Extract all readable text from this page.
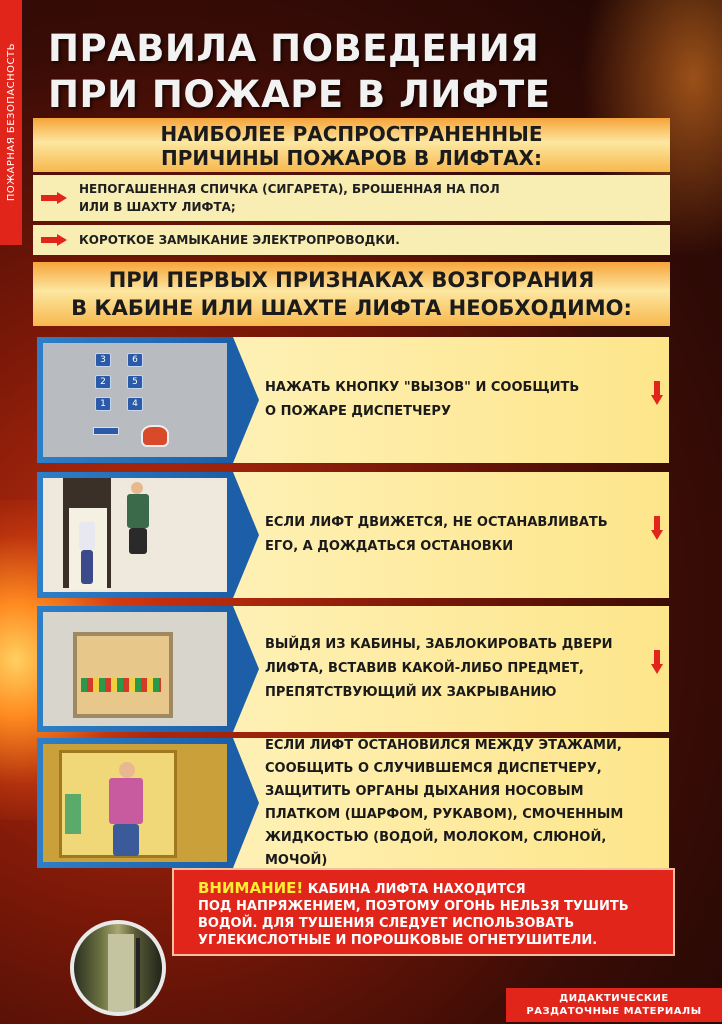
ПОЖАРНАЯ БЕЗОПАСНОСТЬ ПРАВИЛА ПОВЕДЕНИЯ
ПРИ ПОЖАРЕ В ЛИФТЕ
НАИБОЛЕЕ РАСПРОСТРАНЕННЫЕ
ПРИЧИНЫ ПОЖАРОВ В ЛИФТАХ:
НЕПОГАШЕННАЯ СПИЧКА (СИГАРЕТА), БРОШЕННАЯ НА ПОЛ
ИЛИ В ШАХТУ ЛИФТА;
КОРОТКОЕ ЗАМЫКАНИЕ ЭЛЕКТРОПРОВОДКИ.
ПРИ ПЕРВЫХ ПРИЗНАКАХ ВОЗГОРАНИЯ
В КАБИНЕ ИЛИ ШАХТЕ ЛИФТА НЕОБХОДИМО:
3	6
2	5
1	4
НАЖАТЬ КНОПКУ "ВЫЗОВ" И СООБЩИТЬ
О ПОЖАРЕ ДИСПЕТЧЕРУ
ЕСЛИ ЛИФТ ДВИЖЕТСЯ, НЕ ОСТАНАВЛИВАТЬ
ЕГО, А ДОЖДАТЬСЯ ОСТАНОВКИ
ВЫЙДЯ ИЗ КАБИНЫ, ЗАБЛОКИРОВАТЬ ДВЕРИ
ЛИФТА, ВСТАВИВ КАКОЙ-ЛИБО ПРЕДМЕТ,
ПРЕПЯТСТВУЮЩИЙ ИХ ЗАКРЫВАНИЮ
ЕСЛИ ЛИФТ ОСТАНОВИЛСЯ МЕЖДУ ЭТАЖАМИ,
СООБЩИТЬ О СЛУЧИВШЕМСЯ ДИСПЕТЧЕРУ,
ЗАЩИТИТЬ ОРГАНЫ ДЫХАНИЯ НОСОВЫМ
ПЛАТКОМ (ШАРФОМ, РУКАВОМ), СМОЧЕННЫМ
ЖИДКОСТЬЮ (ВОДОЙ, МОЛОКОМ, СЛЮНОЙ, МОЧОЙ)
ВНИМАНИЕ! КАБИНА ЛИФТА НАХОДИТСЯ
ПОД НАПРЯЖЕНИЕМ, ПОЭТОМУ ОГОНЬ НЕЛЬЗЯ ТУШИТЬ
ВОДОЙ. ДЛЯ ТУШЕНИЯ СЛЕДУЕТ ИСПОЛЬЗОВАТЬ
УГЛЕКИСЛОТНЫЕ И ПОРОШКОВЫЕ ОГНЕТУШИТЕЛИ.
ДИДАКТИЧЕСКИЕ
РАЗДАТОЧНЫЕ МАТЕРИАЛЫ
